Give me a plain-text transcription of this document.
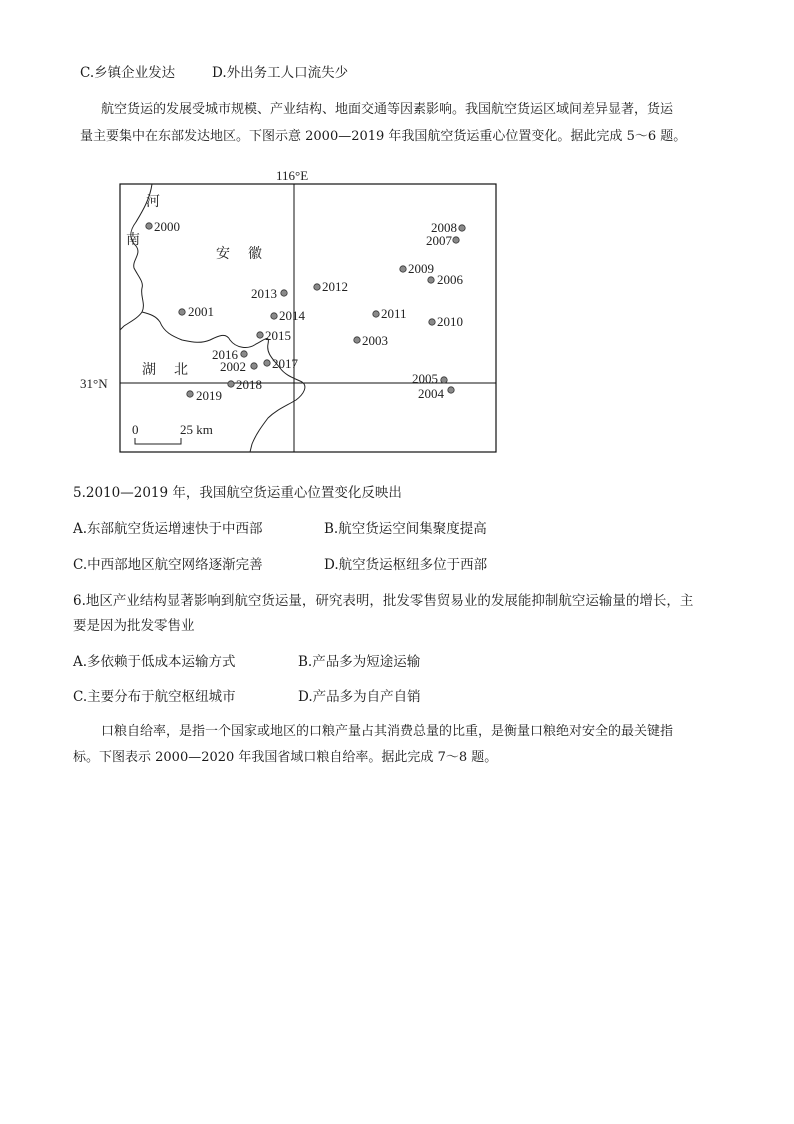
C.乡镇企业发达	D.外出务工人口流失少
航空货运的发展受城市规模、产业结构、地面交通等因素影响。我国航空货运区域间差异显著，货运
量主要集中在东部发达地区。下图示意 2000—2019 年我国航空货运重心位置变化。据此完成 5～6 题。
116°E
31°N
河
南
安 徽
湖 北
0	25 km
2000
2001
2002
2003
2004
2005
2006
2007
2008
2009
2010
2011
2012
2013
2014
2015
2016
2017
2018
2019
5.2010—2019 年，我国航空货运重心位置变化反映出
A.东部航空货运增速快于中西部	B.航空货运空间集聚度提高
C.中西部地区航空网络逐渐完善	D.航空货运枢纽多位于西部
6.地区产业结构显著影响到航空货运量，研究表明，批发零售贸易业的发展能抑制航空运输量的增长，主
要是因为批发零售业
A.多依赖于低成本运输方式	B.产品多为短途运输
C.主要分布于航空枢纽城市	D.产品多为自产自销
口粮自给率，是指一个国家或地区的口粮产量占其消费总量的比重，是衡量口粮绝对安全的最关键指
标。下图表示 2000—2020 年我国省域口粮自给率。据此完成 7～8 题。
